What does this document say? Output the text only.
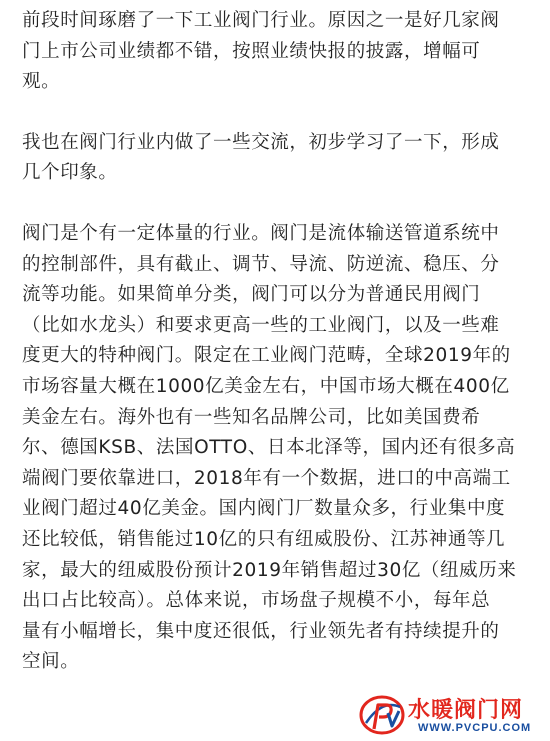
前段时间琢磨了一下工业阀门行业。原因之一是好几家阀
门上市公司业绩都不错，按照业绩快报的披露，增幅可
观。

我也在阀门行业内做了一些交流，初步学习了一下，形成
几个印象。

阀门是个有一定体量的行业。阀门是流体输送管道系统中
的控制部件，具有截止、调节、导流、防逆流、稳压、分
流等功能。如果简单分类，阀门可以分为普通民用阀门
（比如水龙头）和要求更高一些的工业阀门，以及一些难
度更大的特种阀门。限定在工业阀门范畴，全球2019年的
市场容量大概在1000亿美金左右，中国市场大概在400亿
美金左右。海外也有一些知名品牌公司，比如美国费希
尔、德国KSB、法国OTTO、日本北泽等，国内还有很多高
端阀门要依靠进口，2018年有一个数据，进口的中高端工
业阀门超过40亿美金。国内阀门厂数量众多，行业集中度
还比较低，销售能过10亿的只有纽威股份、江苏神通等几
家，最大的纽威股份预计2019年销售超过30亿（纽威历来
出口占比较高）。总体来说，市场盘子规模不小，每年总
量有小幅增长，集中度还很低，行业领先者有持续提升的
空间。

水暖阀门网
WWW.PVCPU.COM
